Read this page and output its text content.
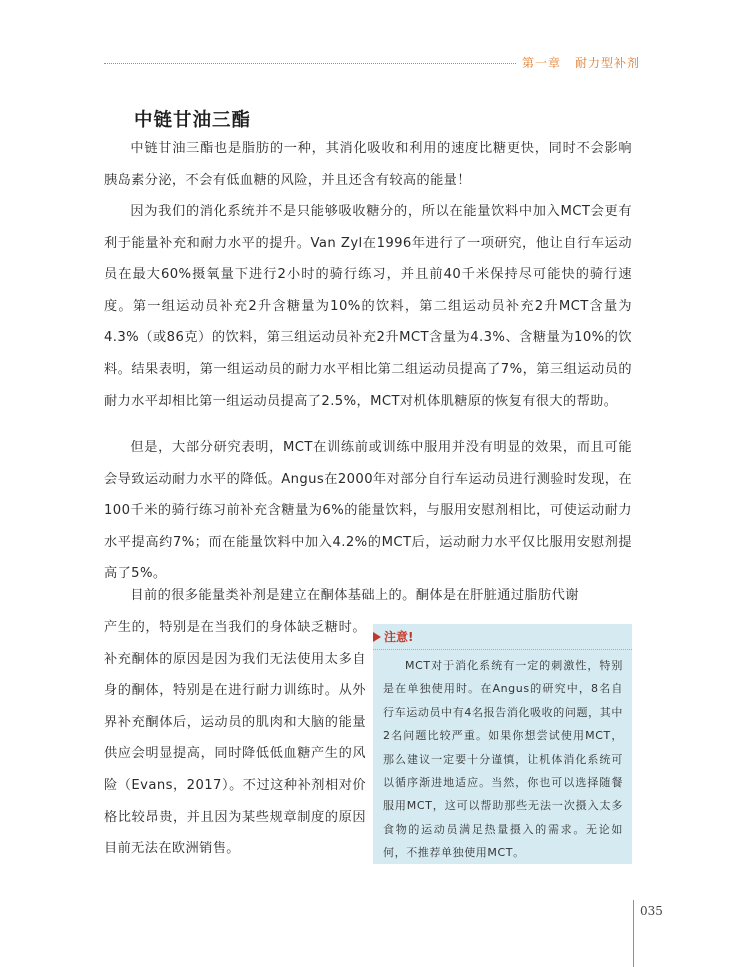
第一章 耐力型补剂
中链甘油三酯

中链甘油三酯也是脂肪的一种，其消化吸收和利用的速度比糖更快，同时不会影响胰岛素分泌，不会有低血糖的风险，并且还含有较高的能量！

因为我们的消化系统并不是只能够吸收糖分的，所以在能量饮料中加入MCT会更有利于能量补充和耐力水平的提升。Van Zyl在1996年进行了一项研究，他让自行车运动员在最大60%摄氧量下进行2小时的骑行练习，并且前40千米保持尽可能快的骑行速度。第一组运动员补充2升含糖量为10%的饮料，第二组运动员补充2升MCT含量为4.3%（或86克）的饮料，第三组运动员补充2升MCT含量为4.3%、含糖量为10%的饮料。结果表明，第一组运动员的耐力水平相比第二组运动员提高了7%，第三组运动员的耐力水平却相比第一组运动员提高了2.5%，MCT对机体肌糖原的恢复有很大的帮助。

但是，大部分研究表明，MCT在训练前或训练中服用并没有明显的效果，而且可能会导致运动耐力水平的降低。Angus在2000年对部分自行车运动员进行测验时发现，在100千米的骑行练习前补充含糖量为6%的能量饮料，与服用安慰剂相比，可使运动耐力水平提高约7%；而在能量饮料中加入4.2%的MCT后，运动耐力水平仅比服用安慰剂提高了5%。

目前的很多能量类补剂是建立在酮体基础上的。酮体是在肝脏通过脂肪代谢

产生的，特别是在当我们的身体缺乏糖时。补充酮体的原因是因为我们无法使用太多自身的酮体，特别是在进行耐力训练时。从外界补充酮体后，运动员的肌肉和大脑的能量供应会明显提高，同时降低低血糖产生的风险（Evans，2017）。不过这种补剂相对价格比较昂贵，并且因为某些规章制度的原因目前无法在欧洲销售。

注意!

MCT对于消化系统有一定的刺激性，特别是在单独使用时。在Angus的研究中，8名自行车运动员中有4名报告消化吸收的问题，其中2名问题比较严重。如果你想尝试使用MCT，那么建议一定要十分谨慎，让机体消化系统可以循序渐进地适应。当然，你也可以选择随餐服用MCT，这可以帮助那些无法一次摄入太多食物的运动员满足热量摄入的需求。无论如何，不推荐单独使用MCT。

035
